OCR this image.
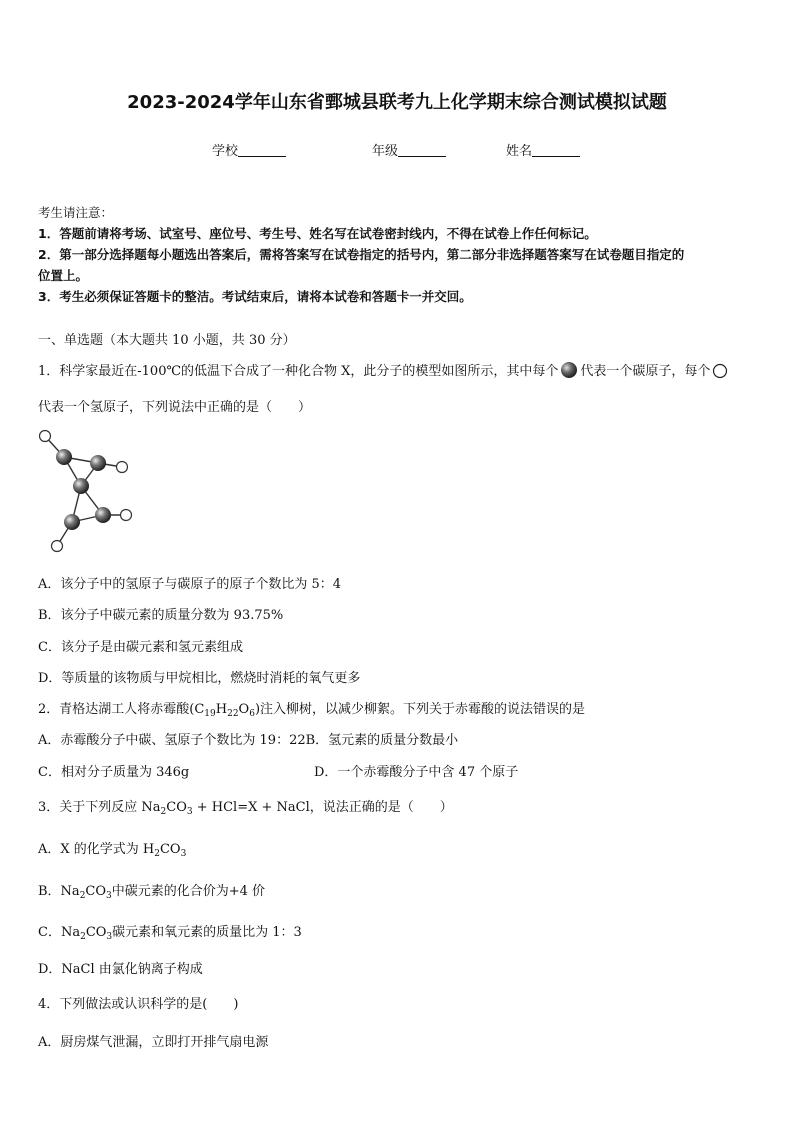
2023-2024学年山东省鄄城县联考九上化学期末综合测试模拟试题
学校	年级	姓名
考生请注意：
1．答题前请将考场、试室号、座位号、考生号、姓名写在试卷密封线内，不得在试卷上作任何标记。
2．第一部分选择题每小题选出答案后，需将答案写在试卷指定的括号内，第二部分非选择题答案写在试卷题目指定的
位置上。
3．考生必须保证答题卡的整洁。考试结束后，请将本试卷和答题卡一并交回。
一、单选题（本大题共 10 小题，共 30 分）
1．科学家最近在-100℃的低温下合成了一种化合物 X，此分子的模型如图所示，其中每个 代表一个碳原子，每个
代表一个氢原子，下列说法中正确的是（　　）
A．该分子中的氢原子与碳原子的原子个数比为 5：4
B．该分子中碳元素的质量分数为 93.75%
C．该分子是由碳元素和氢元素组成
D．等质量的该物质与甲烷相比，燃烧时消耗的氧气更多
2．青格达湖工人将赤霉酸$(C_{19}H_{22}O_6)$注入柳树，以减少柳絮。下列关于赤霉酸的说法错误的是
A．赤霉酸分子中碳、氢原子个数比为 19：22B．氢元素的质量分数最小
C．相对分子质量为 346g	D．一个赤霉酸分子中含 47 个原子
3．关于下列反应 $Na_2CO_3 + HCl=X$ + NaCl，说法正确的是（　　）
A．X 的化学式为 $H_2CO_3$
B．$Na_2CO_3$中碳元素的化合价为+4 价
C．$Na_2CO_3$碳元素和氧元素的质量比为 1：3
D．NaCl 由氯化钠离子构成
4．下列做法或认识科学的是(　　)
A．厨房煤气泄漏，立即打开排气扇电源
